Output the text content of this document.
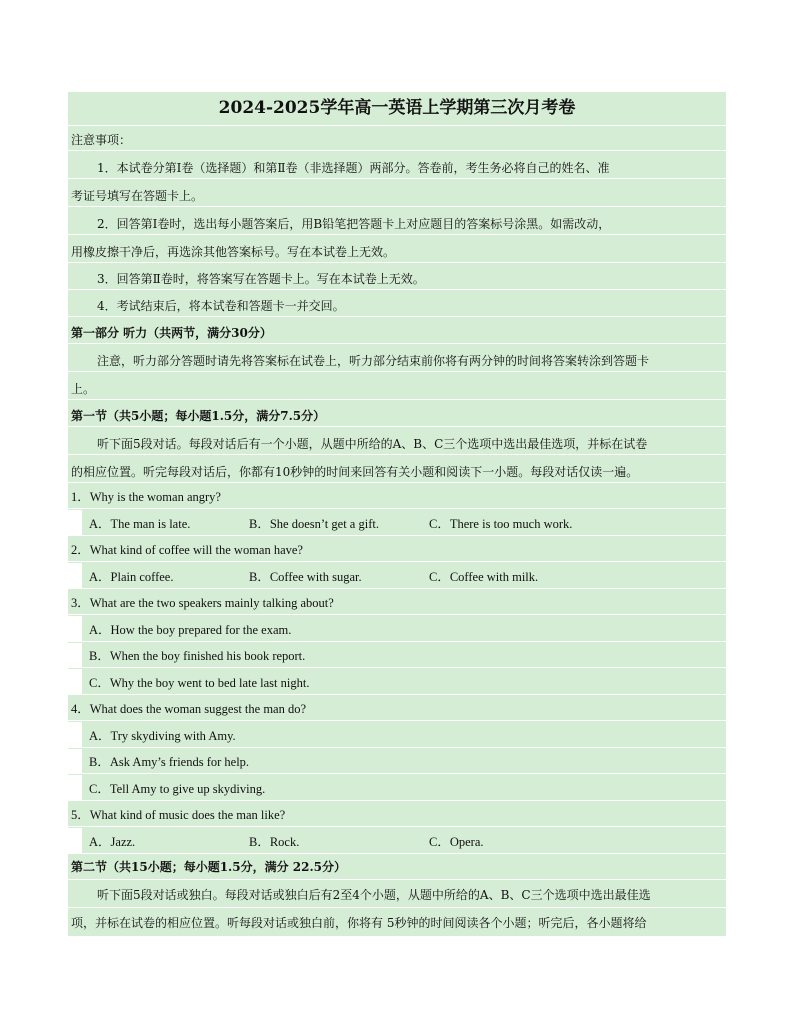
2024-2025学年高一英语上学期第三次月考卷
注意事项：
1．本试卷分第Ⅰ卷（选择题）和第Ⅱ卷（非选择题）两部分。答卷前，考生务必将自己的姓名、准
考证号填写在答题卡上。
2．回答第Ⅰ卷时，选出每小题答案后，用B铅笔把答题卡上对应题目的答案标号涂黑。如需改动，
用橡皮擦干净后，再选涂其他答案标号。写在本试卷上无效。
3．回答第Ⅱ卷时，将答案写在答题卡上。写在本试卷上无效。
4．考试结束后，将本试卷和答题卡一并交回。
第一部分 听力（共两节，满分30分）
注意，听力部分答题时请先将答案标在试卷上，听力部分结束前你将有两分钟的时间将答案转涂到答题卡
上。
第一节（共5小题；每小题1.5分，满分7.5分）
听下面5段对话。每段对话后有一个小题，从题中所给的A、B、C三个选项中选出最佳选项，并标在试卷
的相应位置。听完每段对话后，你都有10秒钟的时间来回答有关小题和阅读下一小题。每段对话仅读一遍。
1．Why is the woman angry?
A．The man is late.	B．She doesn’t get a gift.	C．There is too much work.
2．What kind of coffee will the woman have?
A．Plain coffee.	B．Coffee with sugar.	C．Coffee with milk.
3．What are the two speakers mainly talking about?
A．How the boy prepared for the exam.
B．When the boy finished his book report.
C．Why the boy went to bed late last night.
4．What does the woman suggest the man do?
A．Try skydiving with Amy.
B．Ask Amy’s friends for help.
C．Tell Amy to give up skydiving.
5．What kind of music does the man like?
A．Jazz.	B．Rock.	C．Opera.
第二节（共15小题；每小题1.5分，满分 22.5分）
听下面5段对话或独白。每段对话或独白后有2至4个小题，从题中所给的A、B、C三个选项中选出最佳选
项，并标在试卷的相应位置。听每段对话或独白前，你将有 5秒钟的时间阅读各个小题；听完后，各小题将给
